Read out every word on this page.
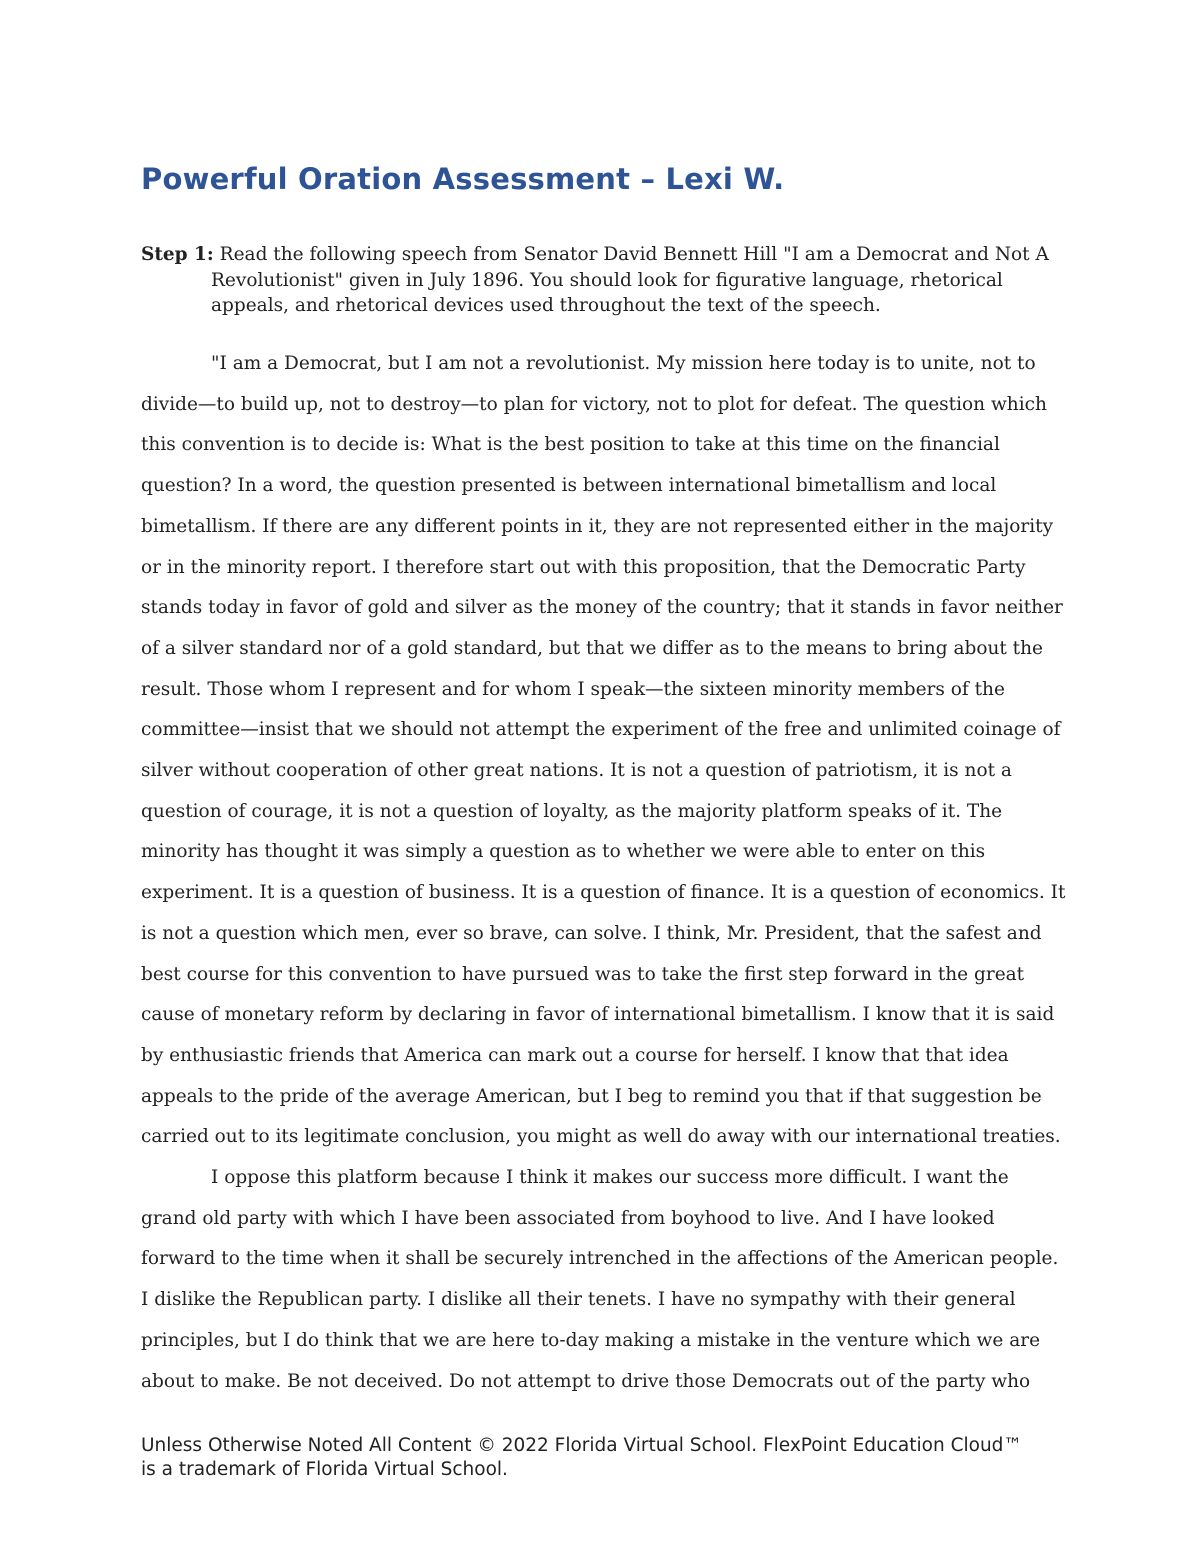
Powerful Oration Assessment – Lexi W.
Step 1: Read the following speech from Senator David Bennett Hill "I am a Democrat and Not A Revolutionist" given in July 1896. You should look for figurative language, rhetorical appeals, and rhetorical devices used throughout the text of the speech.

"I am a Democrat, but I am not a revolutionist. My mission here today is to unite, not to divide—to build up, not to destroy—to plan for victory, not to plot for defeat. The question which this convention is to decide is: What is the best position to take at this time on the financial question? In a word, the question presented is between international bimetallism and local bimetallism. If there are any different points in it, they are not represented either in the majority or in the minority report. I therefore start out with this proposition, that the Democratic Party stands today in favor of gold and silver as the money of the country; that it stands in favor neither of a silver standard nor of a gold standard, but that we differ as to the means to bring about the result. Those whom I represent and for whom I speak—the sixteen minority members of the committee—insist that we should not attempt the experiment of the free and unlimited coinage of silver without cooperation of other great nations. It is not a question of patriotism, it is not a question of courage, it is not a question of loyalty, as the majority platform speaks of it. The minority has thought it was simply a question as to whether we were able to enter on this experiment. It is a question of business. It is a question of finance. It is a question of economics. It is not a question which men, ever so brave, can solve. I think, Mr. President, that the safest and best course for this convention to have pursued was to take the first step forward in the great cause of monetary reform by declaring in favor of international bimetallism. I know that it is said by enthusiastic friends that America can mark out a course for herself. I know that that idea appeals to the pride of the average American, but I beg to remind you that if that suggestion be carried out to its legitimate conclusion, you might as well do away with our international treaties.

I oppose this platform because I think it makes our success more difficult. I want the grand old party with which I have been associated from boyhood to live. And I have looked forward to the time when it shall be securely intrenched in the affections of the American people. I dislike the Republican party. I dislike all their tenets. I have no sympathy with their general principles, but I do think that we are here to-day making a mistake in the venture which we are about to make. Be not deceived. Do not attempt to drive those Democrats out of the party who

Unless Otherwise Noted All Content © 2022 Florida Virtual School. FlexPoint Education Cloud™ is a trademark of Florida Virtual School.
